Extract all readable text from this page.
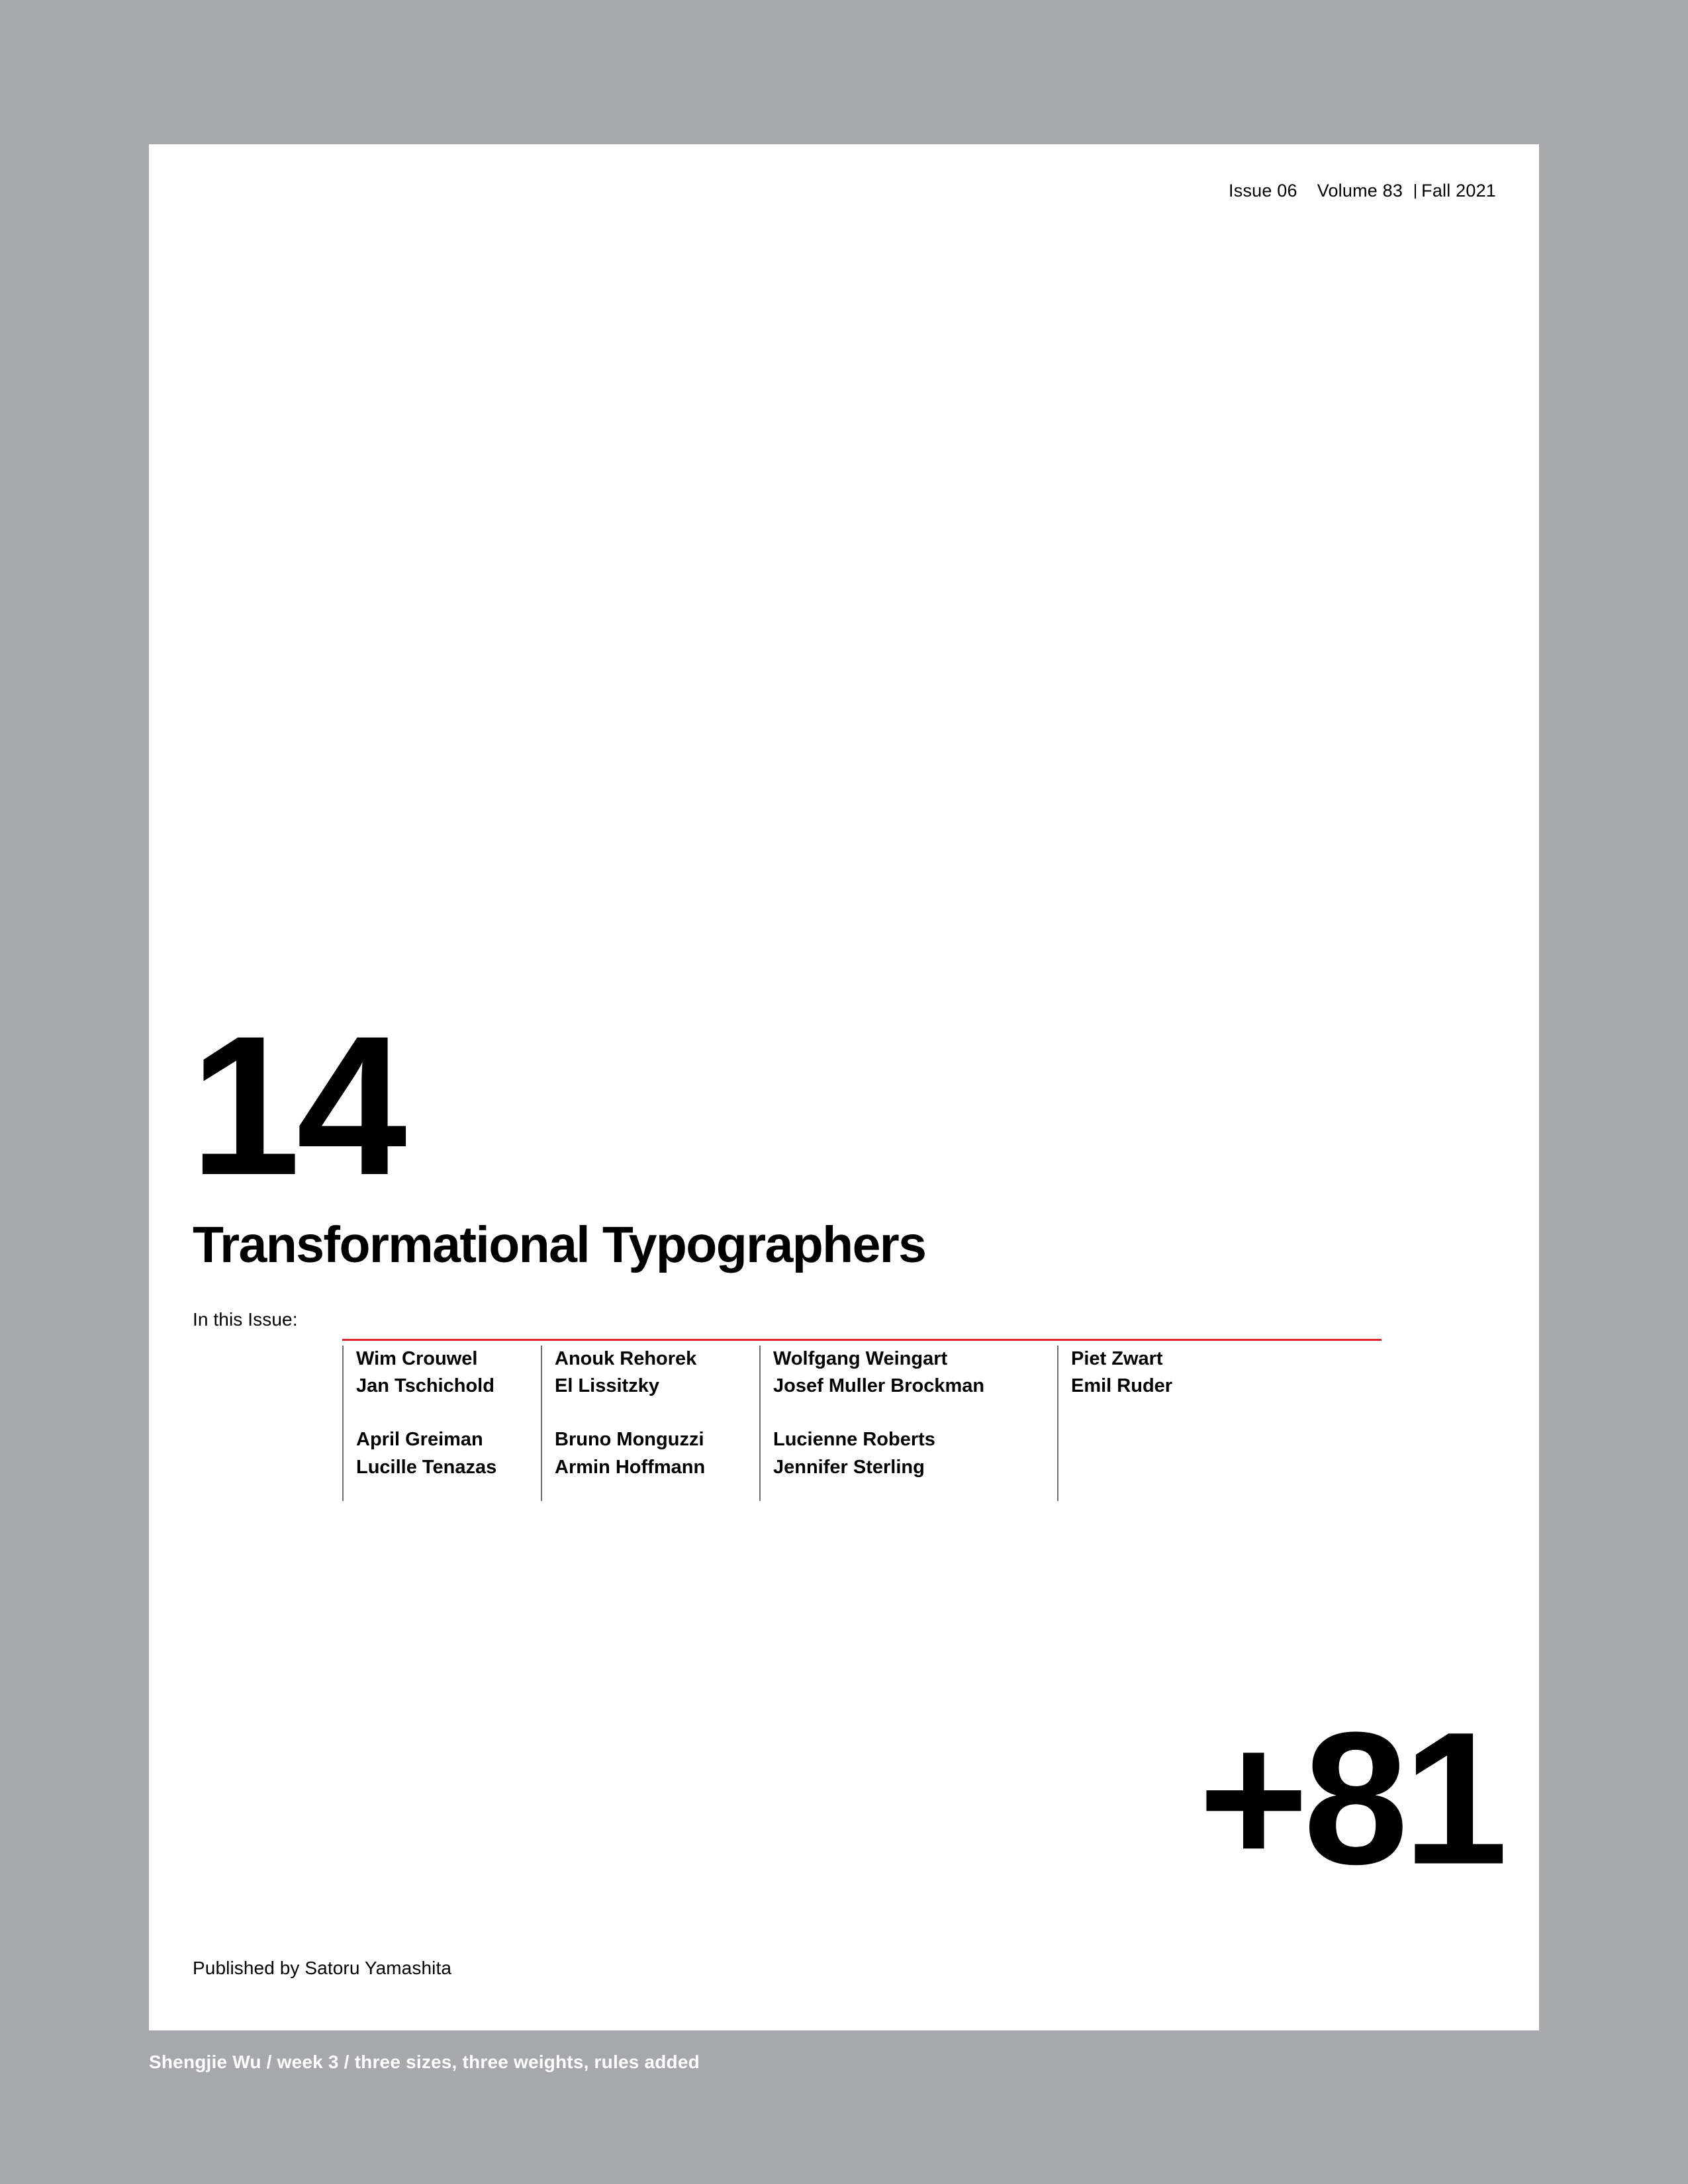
Issue 06 Volume 83 Fall 2021
14
Transformational Typographers
In this Issue:
Wim Crouwel
Jan Tschichold
April Greiman
Lucille Tenazas
Anouk Rehorek
El Lissitzky
Bruno Monguzzi
Armin Hoffmann
Wolfgang Weingart
Josef Muller Brockman
Lucienne Roberts
Jennifer Sterling
Piet Zwart
Emil Ruder
+81
Published by Satoru Yamashita
Shengjie Wu / week 3 / three sizes, three weights, rules added
